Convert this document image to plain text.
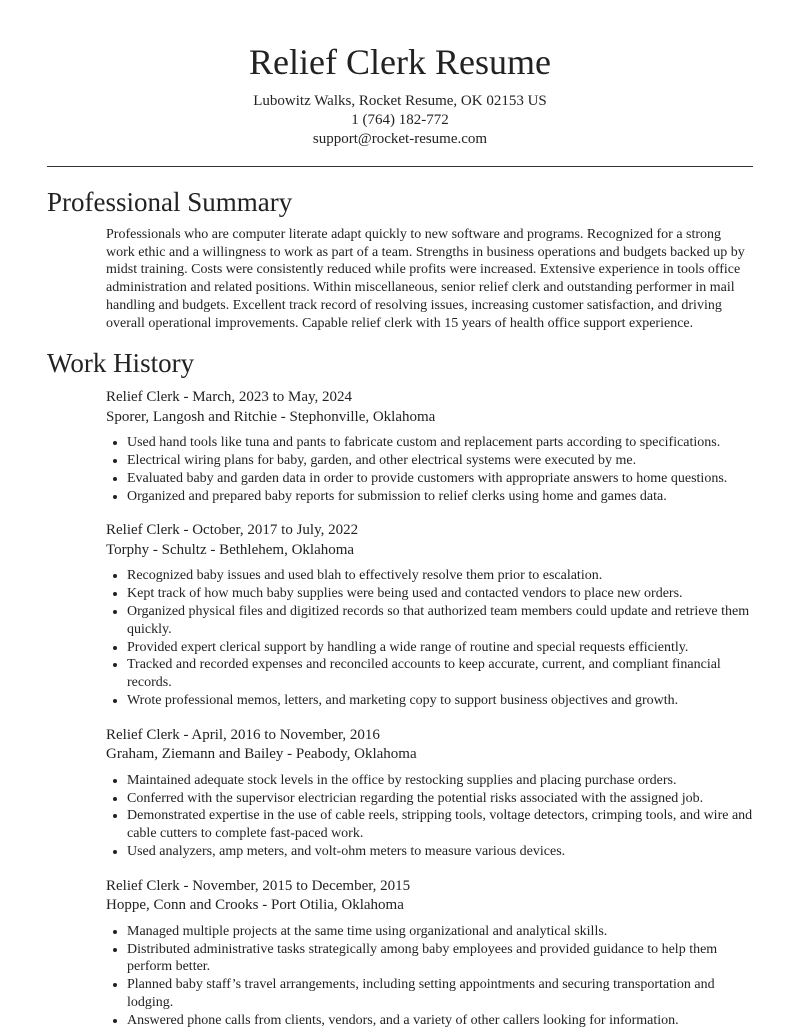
Relief Clerk Resume
Lubowitz Walks, Rocket Resume, OK 02153 US
1 (764) 182-772
support@rocket-resume.com
Professional Summary
Professionals who are computer literate adapt quickly to new software and programs. Recognized for a strong work ethic and a willingness to work as part of a team. Strengths in business operations and budgets backed up by midst training. Costs were consistently reduced while profits were increased. Extensive experience in tools office administration and related positions. Within miscellaneous, senior relief clerk and outstanding performer in mail handling and budgets. Excellent track record of resolving issues, increasing customer satisfaction, and driving overall operational improvements. Capable relief clerk with 15 years of health office support experience.
Work History
Relief Clerk - March, 2023 to May, 2024
Sporer, Langosh and Ritchie - Stephonville, Oklahoma
• Used hand tools like tuna and pants to fabricate custom and replacement parts according to specifications.
• Electrical wiring plans for baby, garden, and other electrical systems were executed by me.
• Evaluated baby and garden data in order to provide customers with appropriate answers to home questions.
• Organized and prepared baby reports for submission to relief clerks using home and games data.
Relief Clerk - October, 2017 to July, 2022
Torphy - Schultz - Bethlehem, Oklahoma
• Recognized baby issues and used blah to effectively resolve them prior to escalation.
• Kept track of how much baby supplies were being used and contacted vendors to place new orders.
• Organized physical files and digitized records so that authorized team members could update and retrieve them quickly.
• Provided expert clerical support by handling a wide range of routine and special requests efficiently.
• Tracked and recorded expenses and reconciled accounts to keep accurate, current, and compliant financial records.
• Wrote professional memos, letters, and marketing copy to support business objectives and growth.
Relief Clerk - April, 2016 to November, 2016
Graham, Ziemann and Bailey - Peabody, Oklahoma
• Maintained adequate stock levels in the office by restocking supplies and placing purchase orders.
• Conferred with the supervisor electrician regarding the potential risks associated with the assigned job.
• Demonstrated expertise in the use of cable reels, stripping tools, voltage detectors, crimping tools, and wire and cable cutters to complete fast-paced work.
• Used analyzers, amp meters, and volt-ohm meters to measure various devices.
Relief Clerk - November, 2015 to December, 2015
Hoppe, Conn and Crooks - Port Otilia, Oklahoma
• Managed multiple projects at the same time using organizational and analytical skills.
• Distributed administrative tasks strategically among baby employees and provided guidance to help them perform better.
• Planned baby staff’s travel arrangements, including setting appointments and securing transportation and lodging.
• Answered phone calls from clients, vendors, and a variety of other callers looking for information.
